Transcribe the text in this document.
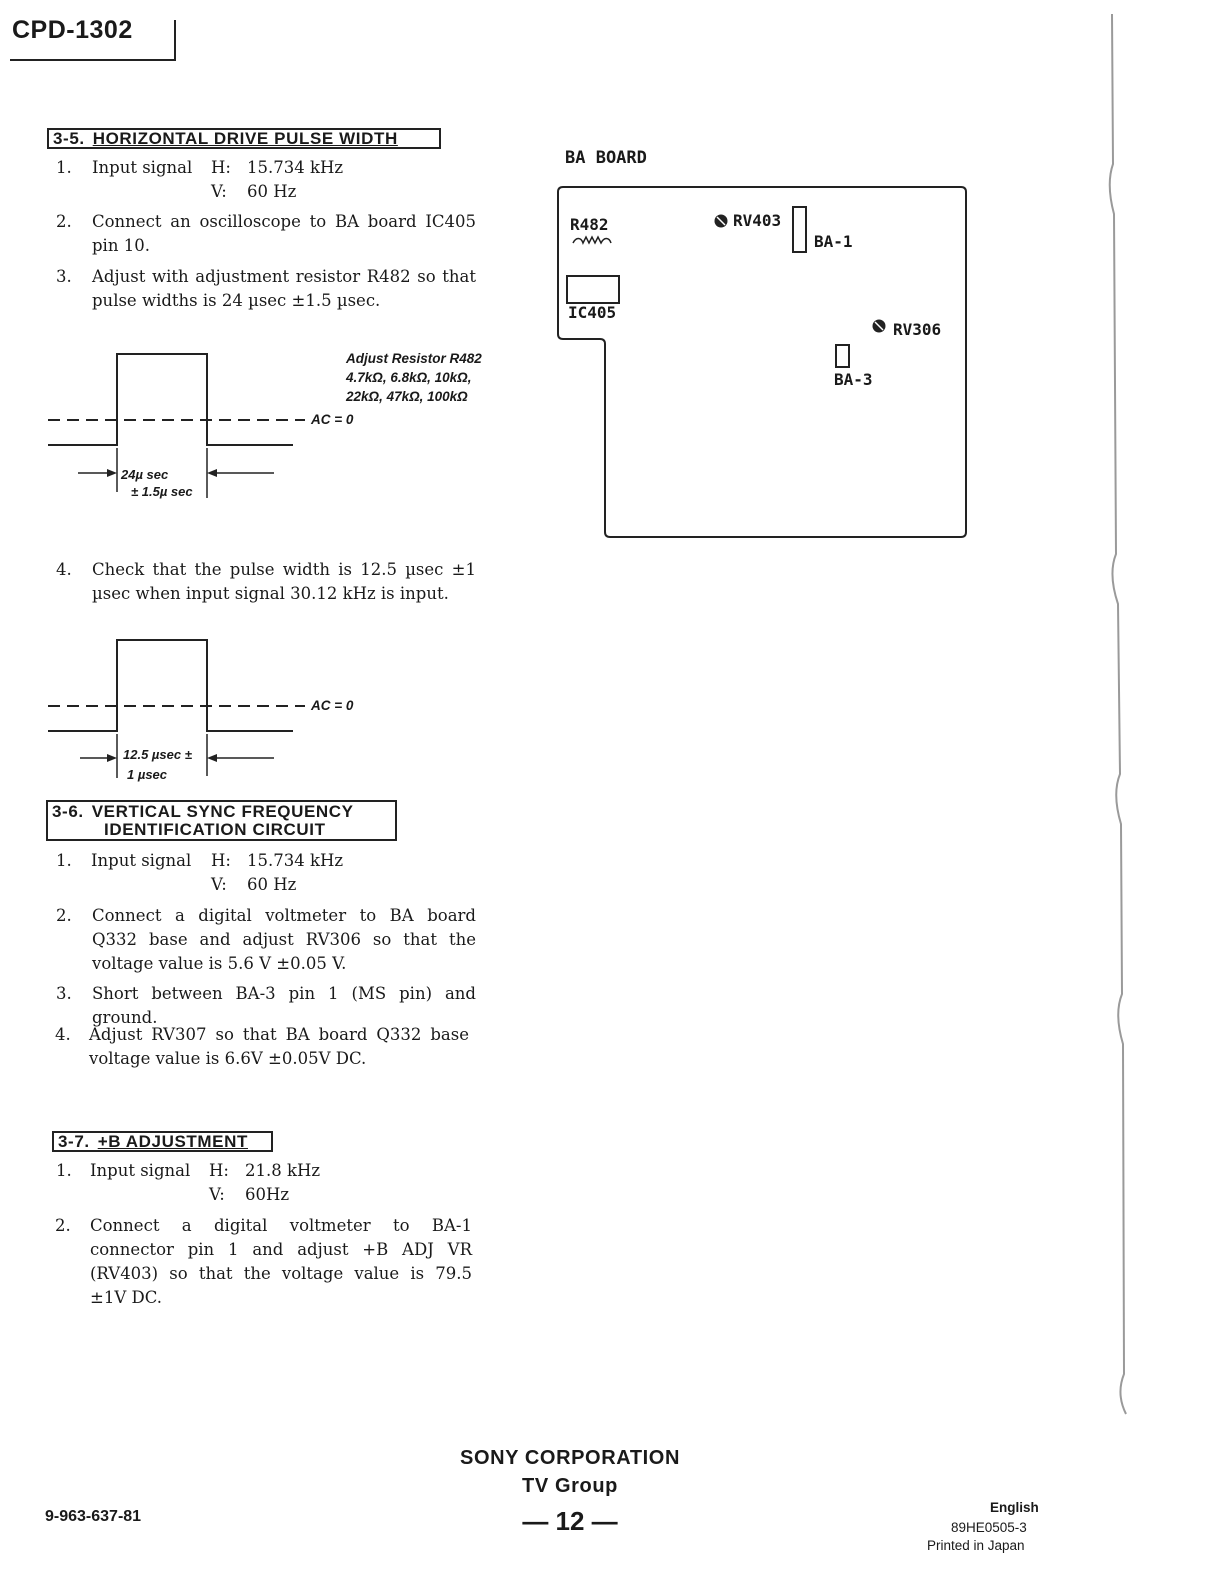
CPD-1302
3-5. HORIZONTAL DRIVE PULSE WIDTH
1. Input signal H: 15.734 kHz
V: 60 Hz
2. Connect an oscilloscope to BA board IC405 pin 10.
3. Adjust with adjustment resistor R482 so that pulse widths is 24 µsec ±1.5 µsec.
Adjust Resistor R482
4.7kΩ, 6.8kΩ, 10kΩ,
22kΩ, 47kΩ, 100kΩ
AC = 0
24µ sec
± 1.5µ sec
4. Check that the pulse width is 12.5 µsec ±1 µsec when input signal 30.12 kHz is input.
AC = 0
12.5 µsec ±
1 µsec
3-6. VERTICAL SYNC FREQUENCY
IDENTIFICATION CIRCUIT
1. Input signal H: 15.734 kHz
V: 60 Hz
2. Connect a digital voltmeter to BA board Q332 base and adjust RV306 so that the voltage value is 5.6 V ±0.05 V.
3. Short between BA-3 pin 1 (MS pin) and ground.
4. Adjust RV307 so that BA board Q332 base voltage value is 6.6V ±0.05V DC.
3-7. +B ADJUSTMENT
1. Input signal H: 21.8 kHz
V: 60Hz
2. Connect a digital voltmeter to BA-1 connector pin 1 and adjust +B ADJ VR (RV403) so that the voltage value is 79.5 ±1V DC.
BA BOARD
R482
IC405
RV403
BA-1
RV306
BA-3
9-963-637-81
SONY CORPORATION
TV Group
— 12 —	English
89HE0505-3
Printed in Japan
